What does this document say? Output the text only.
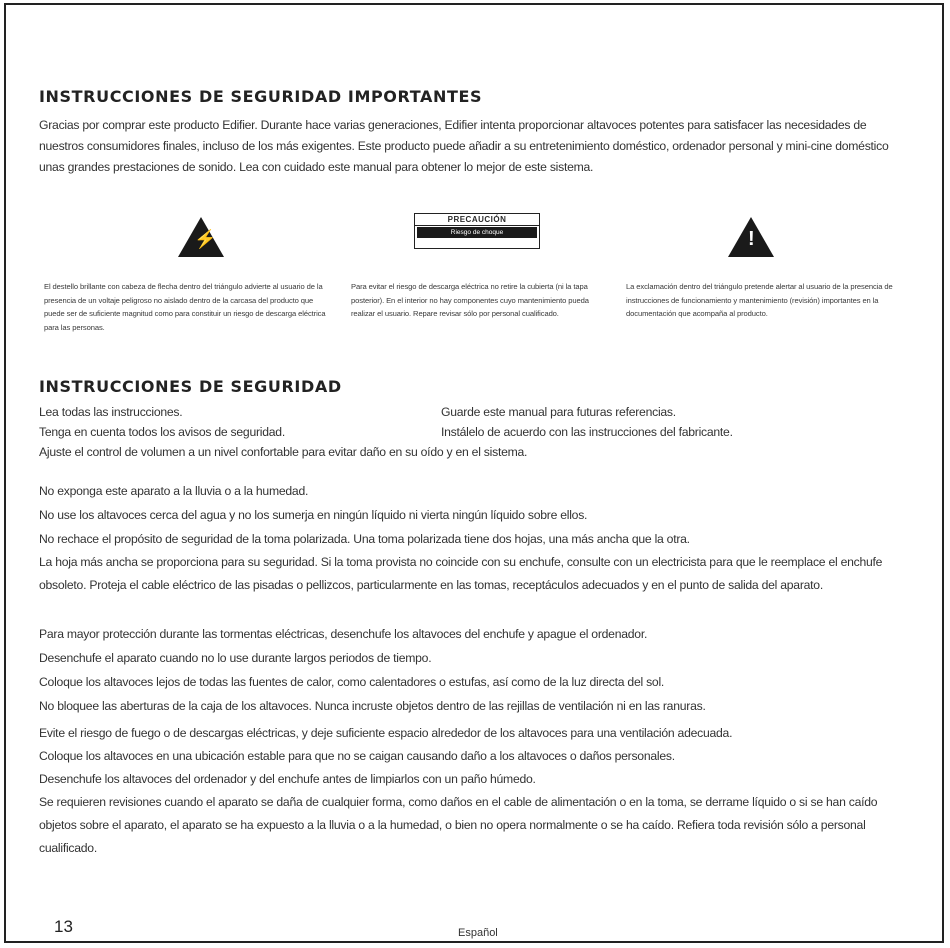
INSTRUCCIONES DE SEGURIDAD IMPORTANTES
Gracias por comprar este producto Edifier. Durante hace varias generaciones, Edifier intenta proporcionar altavoces potentes para satisfacer las necesidades de nuestros consumidores finales, incluso de los más exigentes. Este producto puede añadir a su entretenimiento doméstico, ordenador personal y mini-cine doméstico unas grandes prestaciones de sonido. Lea con cuidado este manual para obtener lo mejor de este sistema.
⚡
PRECAUCIÓN
Riesgo de choque	!
El destello brillante con cabeza de flecha dentro del triángulo advierte al usuario de la presencia de un voltaje peligroso no aislado dentro de la carcasa del producto que puede ser de suficiente magnitud como para constituir un riesgo de descarga eléctrica para las personas.
Para evitar el riesgo de descarga eléctrica no retire la cubierta (ni la tapa posterior). En el interior no hay componentes cuyo mantenimiento pueda realizar el usuario. Repare revisar sólo por personal cualificado.
La exclamación dentro del triángulo pretende alertar al usuario de la presencia de instrucciones de funcionamiento y mantenimiento (revisión) importantes en la documentación que acompaña al producto.
INSTRUCCIONES DE SEGURIDAD
Lea todas las instrucciones.	Guarde este manual para futuras referencias.
Tenga en cuenta todos los avisos de seguridad.	Instálelo de acuerdo con las instrucciones del fabricante.
Ajuste el control de volumen a un nivel confortable para evitar daño en su oído y en el sistema.

No exponga este aparato a la lluvia o a la humedad.

No use los altavoces cerca del agua y no los sumerja en ningún líquido ni vierta ningún líquido sobre ellos.

No rechace el propósito de seguridad de la toma polarizada. Una toma polarizada tiene dos hojas, una más ancha que la otra.

La hoja más ancha se proporciona para su seguridad. Si la toma provista no coincide con su enchufe, consulte con un electricista para que le reemplace el enchufe obsoleto. Proteja el cable eléctrico de las pisadas o pellizcos, particularmente en las tomas, receptáculos adecuados y en el punto de salida del aparato.

Para mayor protección durante las tormentas eléctricas, desenchufe los altavoces del enchufe y apague el ordenador.

Desenchufe el aparato cuando no lo use durante largos periodos de tiempo.

Coloque los altavoces lejos de todas las fuentes de calor, como calentadores o estufas, así como de la luz directa del sol.

No bloquee las aberturas de la caja de los altavoces. Nunca incruste objetos dentro de las rejillas de ventilación ni en las ranuras.

Evite el riesgo de fuego o de descargas eléctricas, y deje suficiente espacio alrededor de los altavoces para una ventilación adecuada.

Coloque los altavoces en una ubicación estable para que no se caigan causando daño a los altavoces o daños personales.

Desenchufe los altavoces del ordenador y del enchufe antes de limpiarlos con un paño húmedo.

Se requieren revisiones cuando el aparato se daña de cualquier forma, como daños en el cable de alimentación o en la toma, se derrame líquido o si se han caído objetos sobre el aparato, el aparato se ha expuesto a la lluvia o a la humedad, o bien no opera normalmente o se ha caído. Refiera toda revisión sólo a personal cualificado.

13	Español
